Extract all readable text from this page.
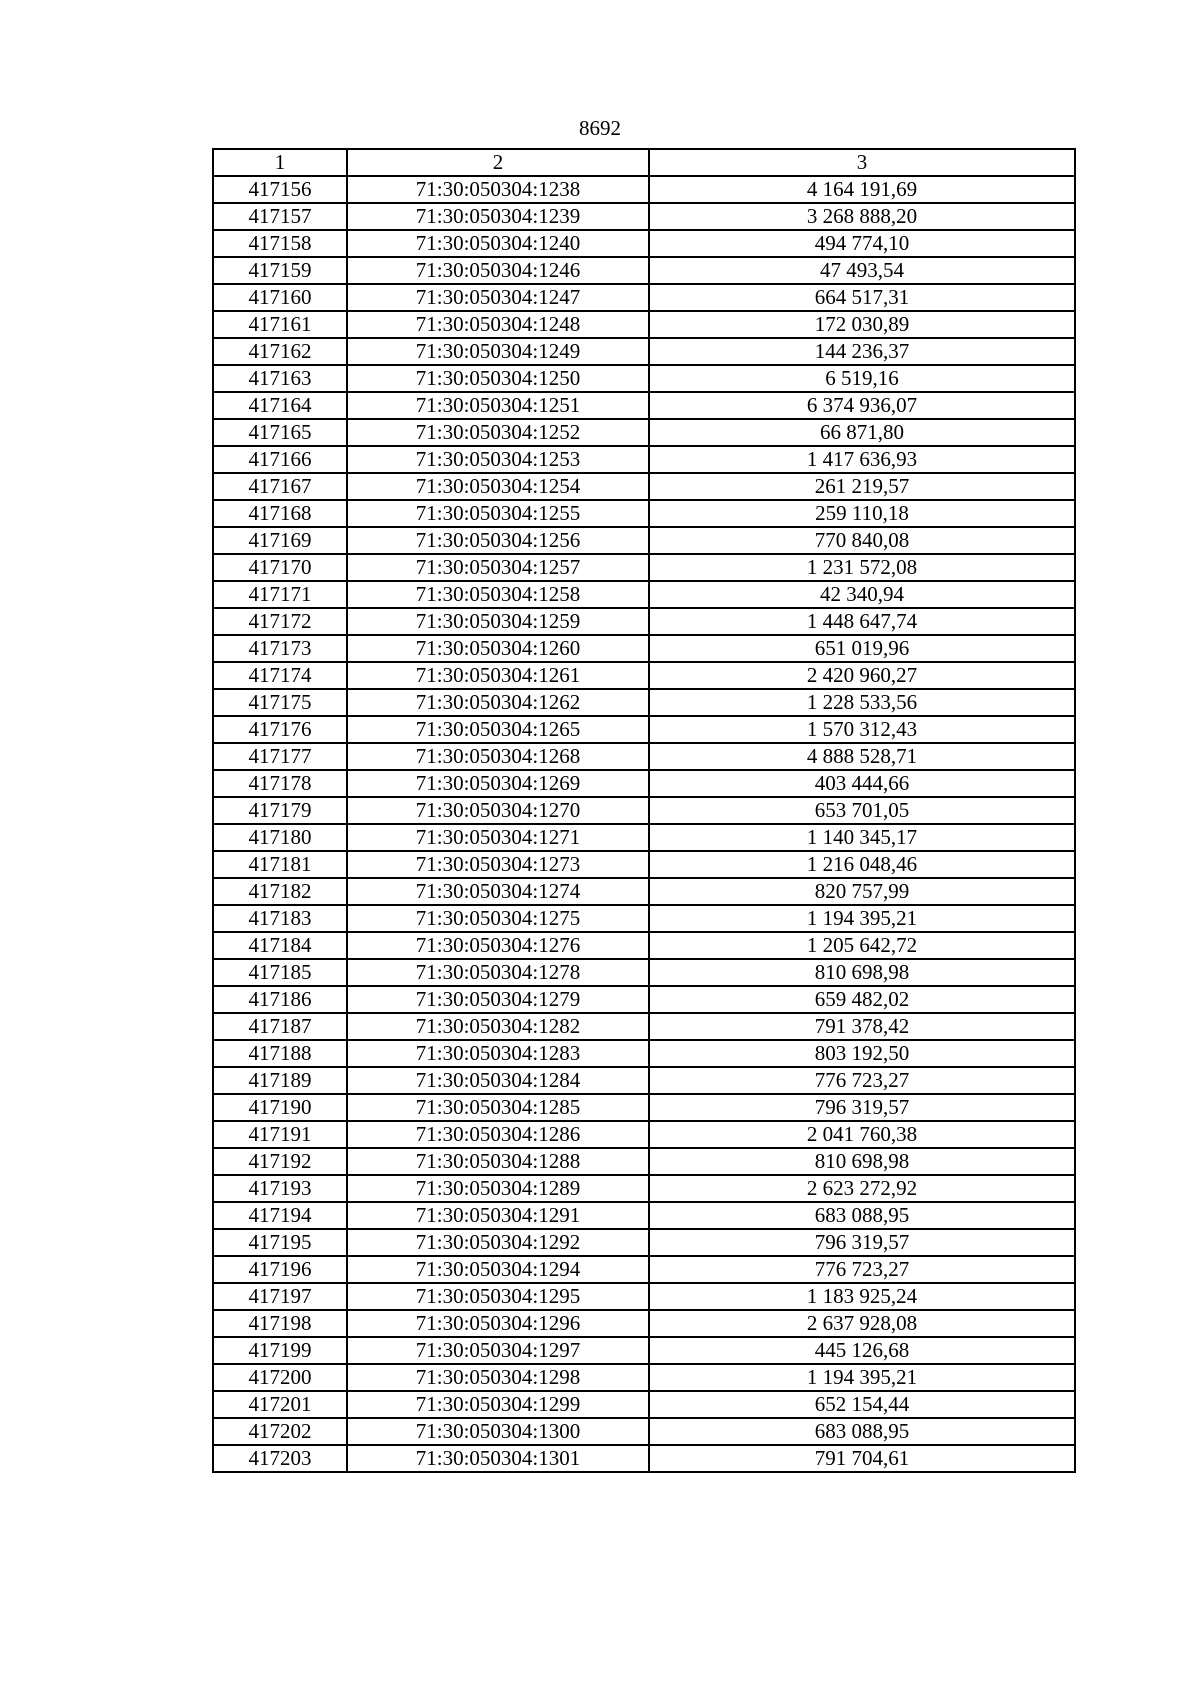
8692
1	2	3
417156	71:30:050304:1238	4 164 191,69
417157	71:30:050304:1239	3 268 888,20
417158	71:30:050304:1240	494 774,10
417159	71:30:050304:1246	47 493,54
417160	71:30:050304:1247	664 517,31
417161	71:30:050304:1248	172 030,89
417162	71:30:050304:1249	144 236,37
417163	71:30:050304:1250	6 519,16
417164	71:30:050304:1251	6 374 936,07
417165	71:30:050304:1252	66 871,80
417166	71:30:050304:1253	1 417 636,93
417167	71:30:050304:1254	261 219,57
417168	71:30:050304:1255	259 110,18
417169	71:30:050304:1256	770 840,08
417170	71:30:050304:1257	1 231 572,08
417171	71:30:050304:1258	42 340,94
417172	71:30:050304:1259	1 448 647,74
417173	71:30:050304:1260	651 019,96
417174	71:30:050304:1261	2 420 960,27
417175	71:30:050304:1262	1 228 533,56
417176	71:30:050304:1265	1 570 312,43
417177	71:30:050304:1268	4 888 528,71
417178	71:30:050304:1269	403 444,66
417179	71:30:050304:1270	653 701,05
417180	71:30:050304:1271	1 140 345,17
417181	71:30:050304:1273	1 216 048,46
417182	71:30:050304:1274	820 757,99
417183	71:30:050304:1275	1 194 395,21
417184	71:30:050304:1276	1 205 642,72
417185	71:30:050304:1278	810 698,98
417186	71:30:050304:1279	659 482,02
417187	71:30:050304:1282	791 378,42
417188	71:30:050304:1283	803 192,50
417189	71:30:050304:1284	776 723,27
417190	71:30:050304:1285	796 319,57
417191	71:30:050304:1286	2 041 760,38
417192	71:30:050304:1288	810 698,98
417193	71:30:050304:1289	2 623 272,92
417194	71:30:050304:1291	683 088,95
417195	71:30:050304:1292	796 319,57
417196	71:30:050304:1294	776 723,27
417197	71:30:050304:1295	1 183 925,24
417198	71:30:050304:1296	2 637 928,08
417199	71:30:050304:1297	445 126,68
417200	71:30:050304:1298	1 194 395,21
417201	71:30:050304:1299	652 154,44
417202	71:30:050304:1300	683 088,95
417203	71:30:050304:1301	791 704,61
